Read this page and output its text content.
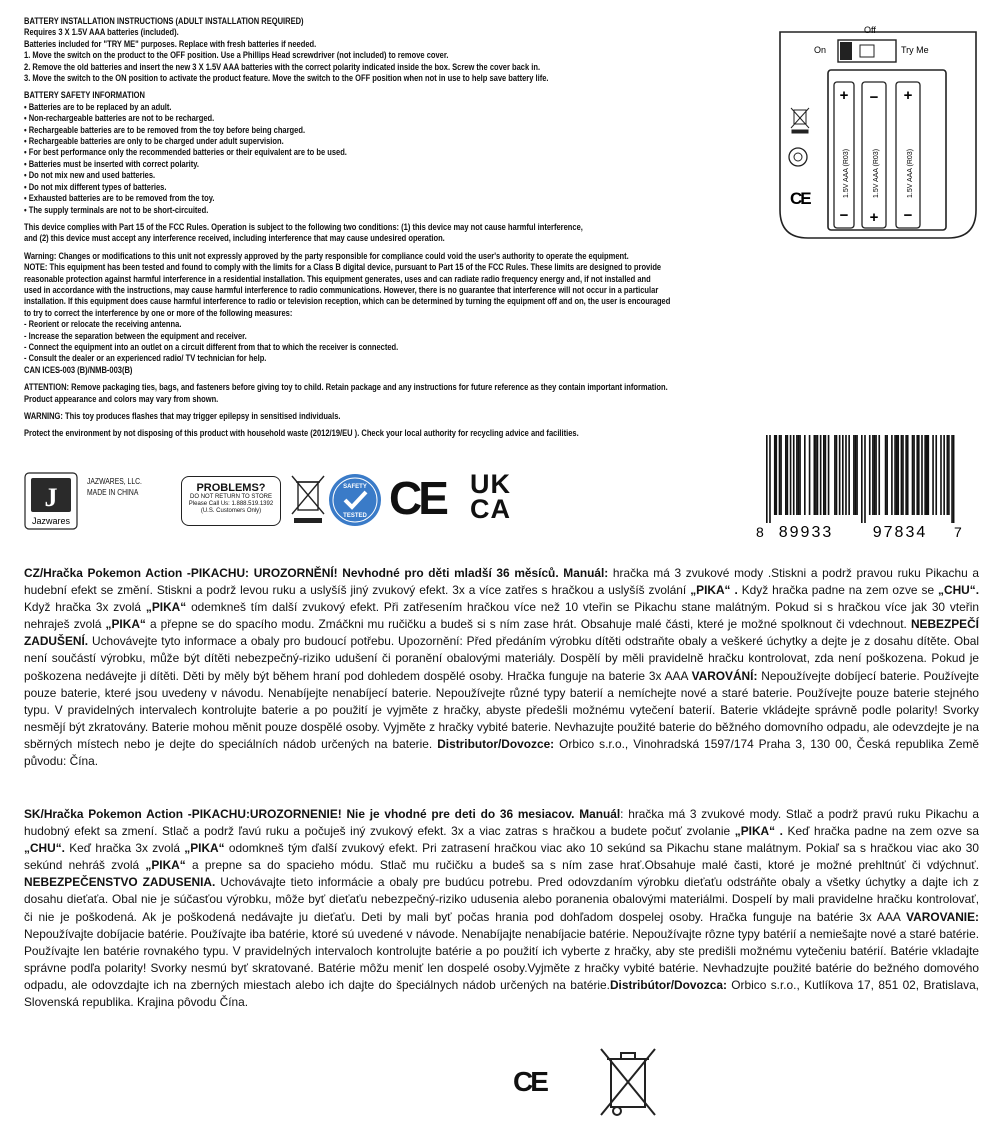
BATTERY INSTALLATION INSTRUCTIONS (ADULT INSTALLATION REQUIRED)

Requires 3 X 1.5V AAA batteries (included).

Batteries included for "TRY ME" purposes. Replace with fresh batteries if needed.

1. Move the switch on the product to the OFF position. Use a Phillips Head screwdriver (not included) to remove cover.

2. Remove the old batteries and insert the new 3 X 1.5V AAA batteries with the correct polarity indicated inside the box. Screw the cover back in.

3. Move the switch to the ON position to activate the product feature. Move the switch to the OFF position when not in use to help save battery life.

BATTERY SAFETY INFORMATION

• Batteries are to be replaced by an adult.

• Non-rechargeable batteries are not to be recharged.

• Rechargeable batteries are to be removed from the toy before being charged.

• Rechargeable batteries are only to be charged under adult supervision.

• For best performance only the recommended batteries or their equivalent are to be used.

• Batteries must be inserted with correct polarity.

• Do not mix new and used batteries.

• Do not mix different types of batteries.

• Exhausted batteries are to be removed from the toy.

• The supply terminals are not to be short-circuited.

This device complies with Part 15 of the FCC Rules. Operation is subject to the following two conditions: (1) this device may not cause harmful interference,

and (2) this device must accept any interference received, including interference that may cause undesired operation.

Warning: Changes or modifications to this unit not expressly approved by the party responsible for compliance could void the user's authority to operate the equipment.

NOTE: This equipment has been tested and found to comply with the limits for a Class B digital device, pursuant to Part 15 of the FCC Rules. These limits are designed to provide

reasonable protection against harmful interference in a residential installation. This equipment generates, uses and can radiate radio frequency energy and, if not installed and

used in accordance with the instructions, may cause harmful interference to radio communications. However, there is no guarantee that interference will not occur in a particular

installation. If this equipment does cause harmful interference to radio or television reception, which can be determined by turning the equipment off and on, the user is encouraged

to try to correct the interference by one or more of the following measures:

- Reorient or relocate the receiving antenna.

- Increase the separation between the equipment and receiver.

- Connect the equipment into an outlet on a circuit different from that to which the receiver is connected.

- Consult the dealer or an experienced radio/ TV technician for help.

CAN ICES-003 (B)/NMB-003(B)

ATTENTION: Remove packaging ties, bags, and fasteners before giving toy to child. Retain package and any instructions for future reference as they contain important information.

Product appearance and colors may vary from shown.

WARNING: This toy produces flashes that may trigger epilepsy in sensitised individuals.

Protect the environment by not disposing of this product with household waste (2012/19/EU ). Check your local authority for recycling advice and facilities.

Off
On	Try Me
+
−
1.5V AAA (R03)
−
+
1.5V AAA (R03)
+
−
1.5V AAA (R03)
CE
8 89933 97834 7
J
Jazwares
JAZWARES, LLC.
MADE IN CHINA	PROBLEMS?
DO NOT RETURN TO STORE
Please Call Us: 1.888.519.1392
(U.S. Customers Only)
SAFETY
TESTED CE UK
CA

CZ/Hračka Pokemon Action -PIKACHU: UROZORNĚNÍ! Nevhodné pro děti mladší 36 měsíců. Manuál: hračka má 3 zvukové mody .Stiskni a podrž pravou ruku Pikachu a hudební efekt se změní. Stiskni a podrž levou ruku a uslyšíš jiný zvukový efekt. 3x a více zatřes s hračkou a uslyšíš zvolání „PIKA“ . Když hračka padne na zem ozve se „CHU“. Když hračka 3x zvolá „PIKA“ odemkneš tím další zvukový efekt. Při zatřesením hračkou více než 10 vteřin se Pikachu stane malátným. Pokud si s hračkou více jak 30 vteřin nehraješ zvolá „PIKA“ a přepne se do spacího modu. Zmáčkni mu ručičku a budeš si s ním zase hrát. Obsahuje malé části, které je možné spolknout či vdechnout. NEBEZPEČÍ ZADUŠENÍ. Uchovávejte tyto informace a obaly pro budoucí potřebu. Upozornění: Před předáním výrobku dítěti odstraňte obaly a veškeré úchytky a dejte je z dosahu dítěte. Obal není součástí výrobku, může být dítěti nebezpečný-riziko udušení či poranění obalovými materiály. Dospělí by měli pravidelně hračku kontrolovat, zda není poškozena. Pokud je poškozena nedávejte ji dítěti. Děti by měly být během hraní pod dohledem dospělé osoby. Hračka funguje na baterie 3x AAA VAROVÁNÍ: Nepoužívejte dobíjecí baterie. Používejte pouze baterie, které jsou uvedeny v návodu. Nenabíjejte nenabíjecí baterie. Nepoužívejte různé typy baterií a nemíchejte nové a staré baterie. Používejte pouze baterie stejného typu. V pravidelných intervalech kontrolujte baterie a po použití je vyjměte z hračky, abyste předešli možnému vytečení baterií. Baterie vkládejte správně podle polarity! Svorky nesmějí být zkratovány. Baterie mohou měnit pouze dospělé osoby. Vyjměte z hračky vybité baterie. Nevhazujte použité baterie do běžného domovního odpadu, ale odevzdejte je na sběrných místech nebo je dejte do speciálních nádob určených na baterie. Distributor/Dovozce: Orbico s.r.o., Vinohradská 1597/174 Praha 3, 130 00, Česká republika Země původu: Čína.

SK/Hračka Pokemon Action -PIKACHU:UROZORNENIE! Nie je vhodné pre deti do 36 mesiacov. Manuál: hračka má 3 zvukové mody. Stlač a podrž pravú ruku Pikachu a hudobný efekt sa zmení. Stlač a podrž ľavú ruku a počuješ iný zvukový efekt. 3x a viac zatras s hračkou a budete počuť zvolanie „PIKA“ . Keď hračka padne na zem ozve sa „CHU“. Keď hračka 3x zvolá „PIKA“ odomkneš tým ďalší zvukový efekt. Pri zatrasení hračkou viac ako 10 sekúnd sa Pikachu stane malátnym. Pokiaľ sa s hračkou viac ako 30 sekúnd nehráš zvolá „PIKA“ a prepne sa do spacieho módu. Stlač mu ručičku a budeš sa s ním zase hrať.Obsahuje malé časti, ktoré je možné prehltnúť či vdýchnuť. NEBEZPEČENSTVO ZADUSENIA. Uchovávajte tieto informácie a obaly pre budúcu potrebu. Pred odovzdaním výrobku dieťaťu odstráňte obaly a všetky úchytky a dajte ich z dosahu dieťaťa. Obal nie je súčasťou výrobku, môže byť dieťaťu nebezpečný-riziko udusenia alebo poranenia obalovými materiálmi. Dospelí by mali pravidelne hračku kontrolovať, či nie je poškodená. Ak je poškodená nedávajte ju dieťaťu. Deti by mali byť počas hrania pod dohľadom dospelej osoby. Hračka funguje na batérie 3x AAA VAROVANIE: Nepoužívajte dobíjacie batérie. Používajte iba batérie, ktoré sú uvedené v návode. Nenabíjajte nenabíjacie batérie. Nepoužívajte rôzne typy batérií a nemiešajte nové a staré batérie. Používajte len batérie rovnakého typu. V pravidelných intervaloch kontrolujte batérie a po použití ich vyberte z hračky, aby ste predišli možnému vytečeniu batérií. Batérie vkladajte správne podľa polarity! Svorky nesmú byť skratované. Batérie môžu meniť len dospelé osoby.Vyjměte z hračky vybité batérie. Nevhadzujte použité batérie do bežného domového odpadu, ale odovzdajte ich na zberných miestach alebo ich dajte do špeciálnych nádob určených na batérie.Distribútor/Dovozca: Orbico s.r.o., Kutlíkova 17, 851 02, Bratislava, Slovenská republika. Krajina pôvodu Čína.

CE
